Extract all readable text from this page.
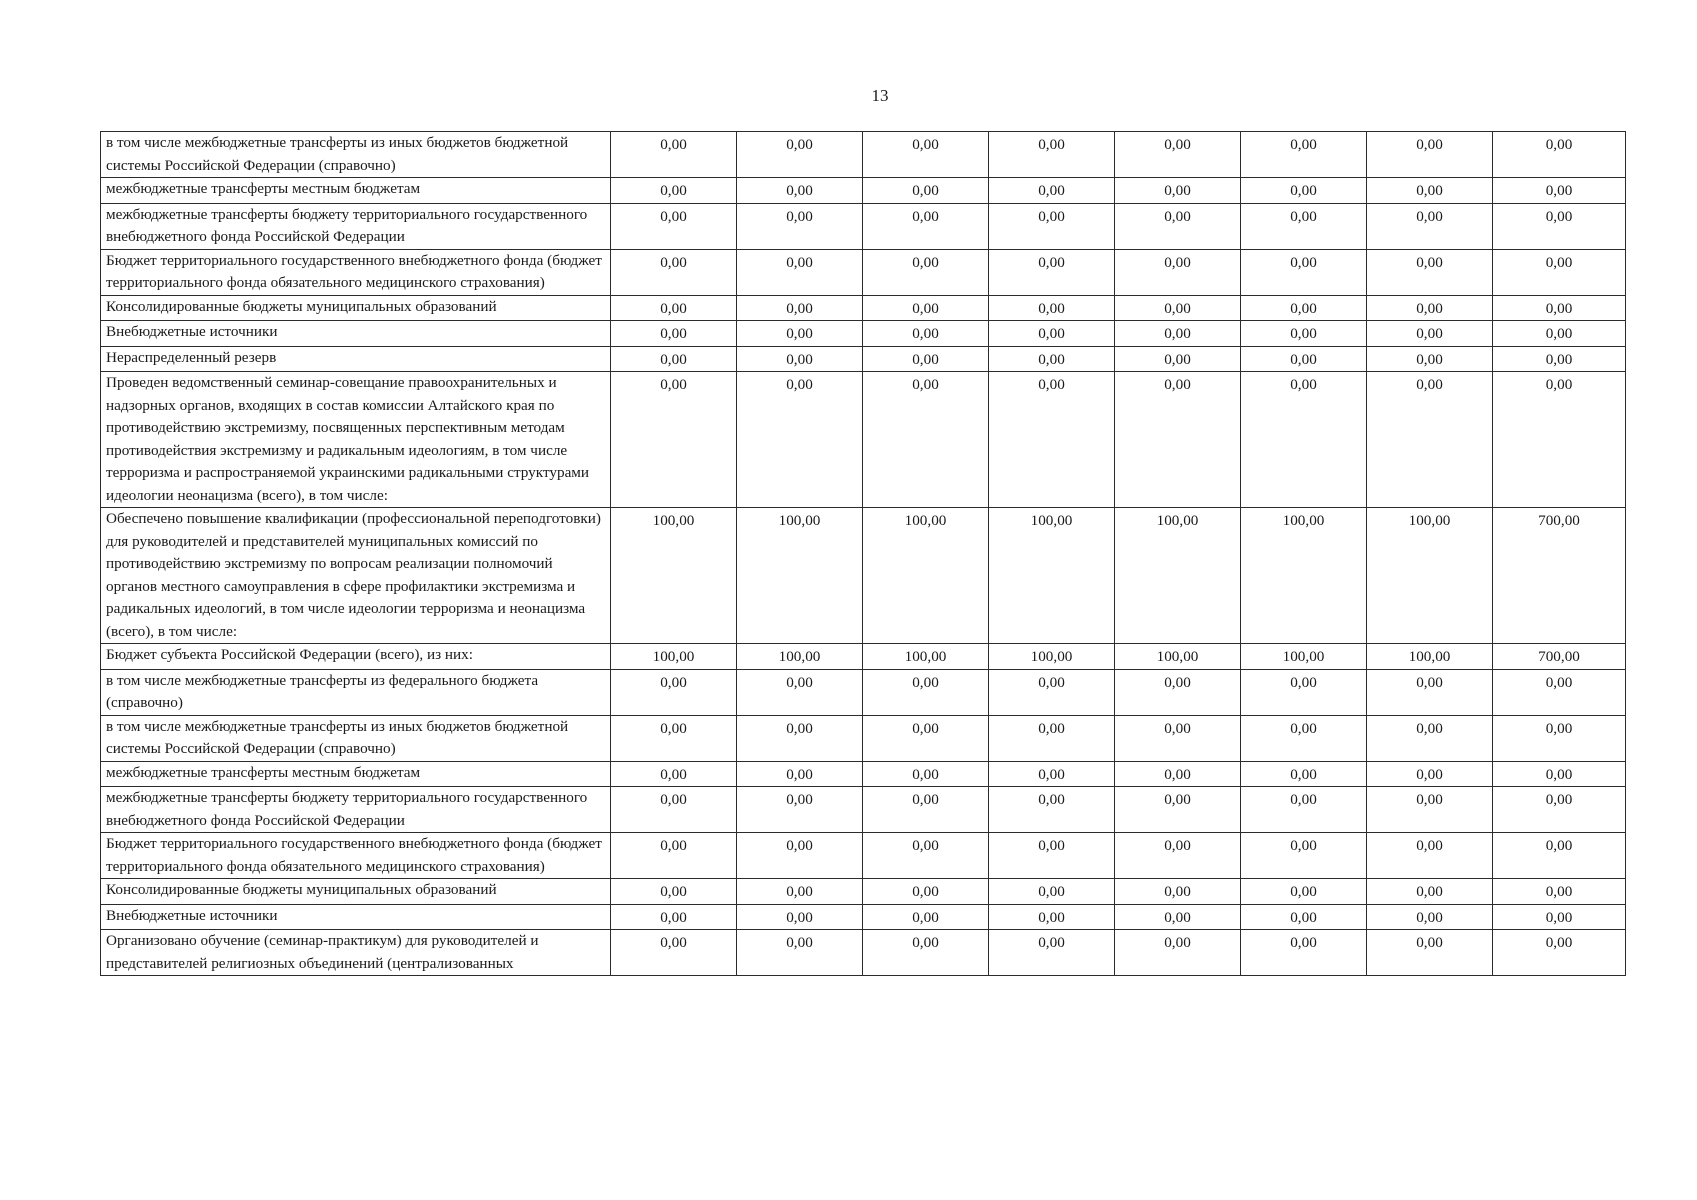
13
в том числе межбюджетные трансферты из иных бюджетов бюджетной системы Российской Федерации (справочно)	0,00	0,00	0,00	0,00	0,00	0,00	0,00	0,00
межбюджетные трансферты местным бюджетам	0,00	0,00	0,00	0,00	0,00	0,00	0,00	0,00
межбюджетные трансферты бюджету территориального государственного внебюджетного фонда Российской Федерации	0,00	0,00	0,00	0,00	0,00	0,00	0,00	0,00
Бюджет территориального государственного внебюджетного фонда (бюджет территориального фонда обязательного медицинского страхования)	0,00	0,00	0,00	0,00	0,00	0,00	0,00	0,00
Консолидированные бюджеты муниципальных образований	0,00	0,00	0,00	0,00	0,00	0,00	0,00	0,00
Внебюджетные источники	0,00	0,00	0,00	0,00	0,00	0,00	0,00	0,00
Нераспределенный резерв	0,00	0,00	0,00	0,00	0,00	0,00	0,00	0,00
Проведен ведомственный семинар-совещание правоохранительных и надзорных органов, входящих в состав комиссии Алтайского края по противодействию экстремизму, посвященных перспективным методам противодействия экстремизму и радикальным идеологиям, в том числе терроризма и распространяемой украинскими радикальными структурами идеологии неонацизма (всего), в том числе:	0,00	0,00	0,00	0,00	0,00	0,00	0,00	0,00
Обеспечено повышение квалификации (профессиональной переподготовки) для руководителей и представителей муниципальных комиссий по противодействию экстремизму по вопросам реализации полномочий органов местного самоуправления в сфере профилактики экстремизма и радикальных идеологий, в том числе идеологии терроризма и неонацизма (всего), в том числе:	100,00	100,00	100,00	100,00	100,00	100,00	100,00	700,00
Бюджет субъекта Российской Федерации (всего), из них:	100,00	100,00	100,00	100,00	100,00	100,00	100,00	700,00
в том числе межбюджетные трансферты из федерального бюджета (справочно)	0,00	0,00	0,00	0,00	0,00	0,00	0,00	0,00
в том числе межбюджетные трансферты из иных бюджетов бюджетной системы Российской Федерации (справочно)	0,00	0,00	0,00	0,00	0,00	0,00	0,00	0,00
межбюджетные трансферты местным бюджетам	0,00	0,00	0,00	0,00	0,00	0,00	0,00	0,00
межбюджетные трансферты бюджету территориального государственного внебюджетного фонда Российской Федерации	0,00	0,00	0,00	0,00	0,00	0,00	0,00	0,00
Бюджет территориального государственного внебюджетного фонда (бюджет территориального фонда обязательного медицинского страхования)	0,00	0,00	0,00	0,00	0,00	0,00	0,00	0,00
Консолидированные бюджеты муниципальных образований	0,00	0,00	0,00	0,00	0,00	0,00	0,00	0,00
Внебюджетные источники	0,00	0,00	0,00	0,00	0,00	0,00	0,00	0,00
Организовано обучение (семинар-практикум) для руководителей и представителей религиозных объединений (централизованных	0,00	0,00	0,00	0,00	0,00	0,00	0,00	0,00
